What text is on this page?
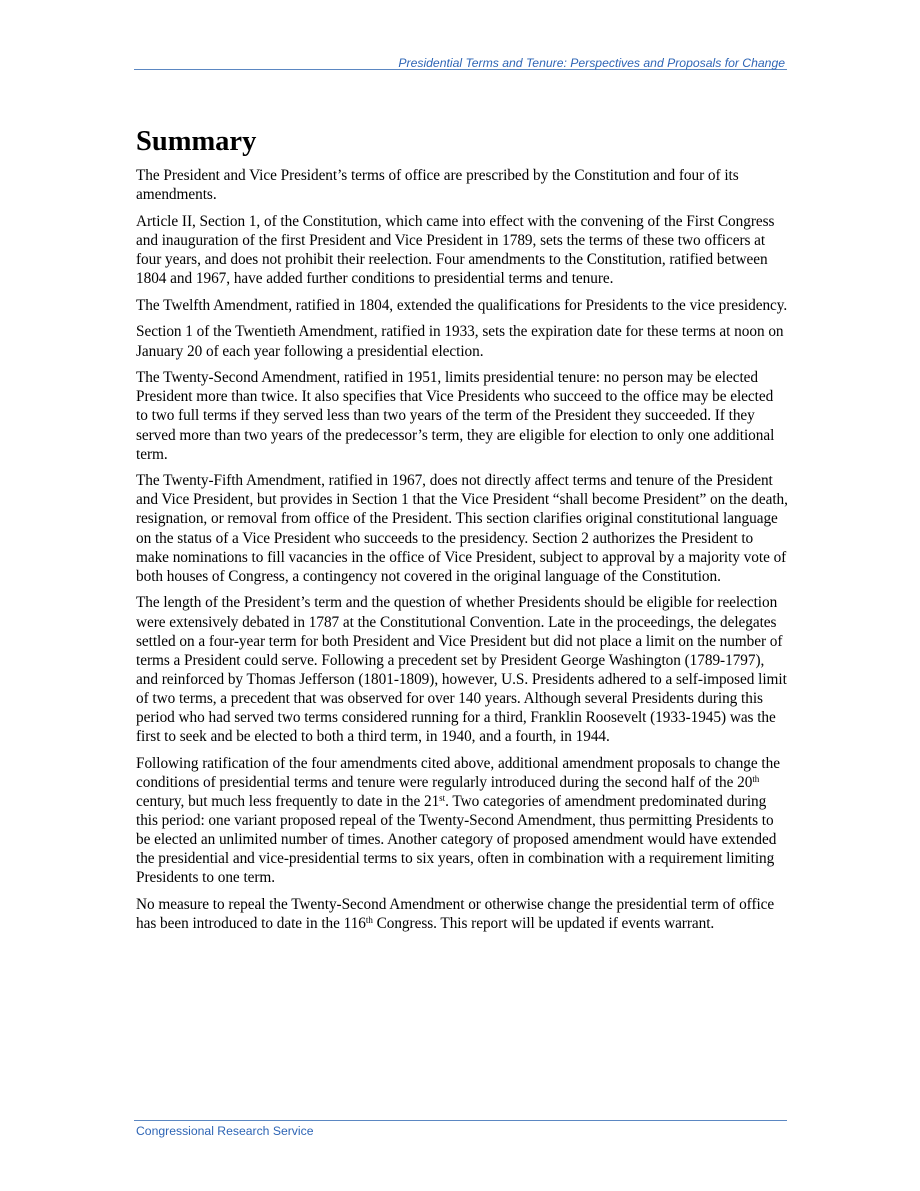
Presidential Terms and Tenure: Perspectives and Proposals for Change
Summary

The President and Vice President’s terms of office are prescribed by the Constitution and four of its amendments.

Article II, Section 1, of the Constitution, which came into effect with the convening of the First Congress and inauguration of the first President and Vice President in 1789, sets the terms of these two officers at four years, and does not prohibit their reelection. Four amendments to the Constitution, ratified between 1804 and 1967, have added further conditions to presidential terms and tenure.

The Twelfth Amendment, ratified in 1804, extended the qualifications for Presidents to the vice presidency.

Section 1 of the Twentieth Amendment, ratified in 1933, sets the expiration date for these terms at noon on January 20 of each year following a presidential election.

The Twenty-Second Amendment, ratified in 1951, limits presidential tenure: no person may be elected President more than twice. It also specifies that Vice Presidents who succeed to the office may be elected to two full terms if they served less than two years of the term of the President they succeeded. If they served more than two years of the predecessor’s term, they are eligible for election to only one additional term.

The Twenty-Fifth Amendment, ratified in 1967, does not directly affect terms and tenure of the President and Vice President, but provides in Section 1 that the Vice President “shall become President” on the death, resignation, or removal from office of the President. This section clarifies original constitutional language on the status of a Vice President who succeeds to the presidency. Section 2 authorizes the President to make nominations to fill vacancies in the office of Vice President, subject to approval by a majority vote of both houses of Congress, a contingency not covered in the original language of the Constitution.

The length of the President’s term and the question of whether Presidents should be eligible for reelection were extensively debated in 1787 at the Constitutional Convention. Late in the proceedings, the delegates settled on a four-year term for both President and Vice President but did not place a limit on the number of terms a President could serve. Following a precedent set by President George Washington (1789-1797), and reinforced by Thomas Jefferson (1801-1809), however, U.S. Presidents adhered to a self-imposed limit of two terms, a precedent that was observed for over 140 years. Although several Presidents during this period who had served two terms considered running for a third, Franklin Roosevelt (1933-1945) was the first to seek and be elected to both a third term, in 1940, and a fourth, in 1944.

Following ratification of the four amendments cited above, additional amendment proposals to change the conditions of presidential terms and tenure were regularly introduced during the second half of the 20th century, but much less frequently to date in the 21st. Two categories of amendment predominated during this period: one variant proposed repeal of the Twenty-Second Amendment, thus permitting Presidents to be elected an unlimited number of times. Another category of proposed amendment would have extended the presidential and vice-presidential terms to six years, often in combination with a requirement limiting Presidents to one term.

No measure to repeal the Twenty-Second Amendment or otherwise change the presidential term of office has been introduced to date in the 116th Congress. This report will be updated if events warrant.

Congressional Research Service
